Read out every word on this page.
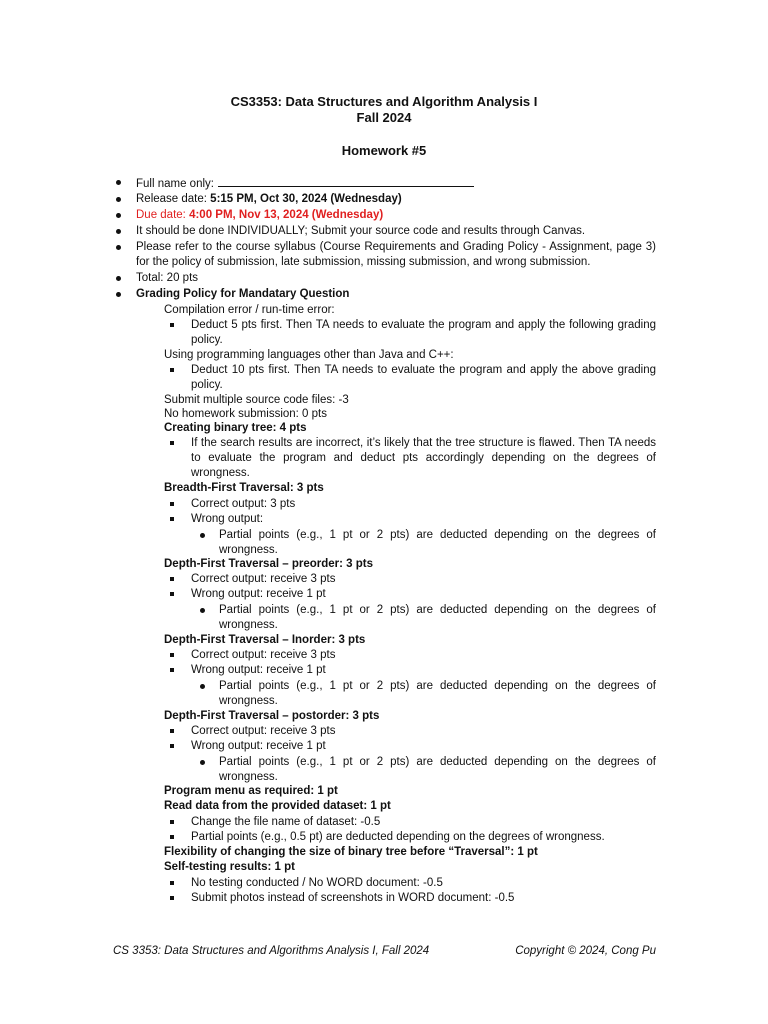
CS3353: Data Structures and Algorithm Analysis I
Fall 2024
Homework #5
Full name only:
Release date: 5:15 PM, Oct 30, 2024 (Wednesday)
Due date: 4:00 PM, Nov 13, 2024 (Wednesday)
It should be done INDIVIDUALLY; Submit your source code and results through Canvas.
Please refer to the course syllabus (Course Requirements and Grading Policy - Assignment, page 3) for the policy of submission, late submission, missing submission, and wrong submission.
Total: 20 pts
Grading Policy for Mandatary Question
Compilation error / run-time error:
Deduct 5 pts first. Then TA needs to evaluate the program and apply the following grading policy.
Using programming languages other than Java and C++:
Deduct 10 pts first. Then TA needs to evaluate the program and apply the above grading policy.
Submit multiple source code files: -3
No homework submission: 0 pts
Creating binary tree: 4 pts
If the search results are incorrect, it’s likely that the tree structure is flawed. Then TA needs to evaluate the program and deduct pts accordingly depending on the degrees of wrongness.
Breadth-First Traversal: 3 pts
Correct output: 3 pts
Wrong output:
Partial points (e.g., 1 pt or 2 pts) are deducted depending on the degrees of wrongness.
Depth-First Traversal – preorder: 3 pts
Correct output: receive 3 pts
Wrong output: receive 1 pt
Partial points (e.g., 1 pt or 2 pts) are deducted depending on the degrees of wrongness.
Depth-First Traversal – Inorder: 3 pts
Correct output: receive 3 pts
Wrong output: receive 1 pt
Partial points (e.g., 1 pt or 2 pts) are deducted depending on the degrees of wrongness.
Depth-First Traversal – postorder: 3 pts
Correct output: receive 3 pts
Wrong output: receive 1 pt
Partial points (e.g., 1 pt or 2 pts) are deducted depending on the degrees of wrongness.
Program menu as required: 1 pt
Read data from the provided dataset: 1 pt
Change the file name of dataset: -0.5
Partial points (e.g., 0.5 pt) are deducted depending on the degrees of wrongness.
Flexibility of changing the size of binary tree before “Traversal”: 1 pt
Self-testing results: 1 pt
No testing conducted / No WORD document: -0.5
Submit photos instead of screenshots in WORD document: -0.5
CS 3353: Data Structures and Algorithms Analysis I, Fall 2024	Copyright © 2024, Cong Pu
